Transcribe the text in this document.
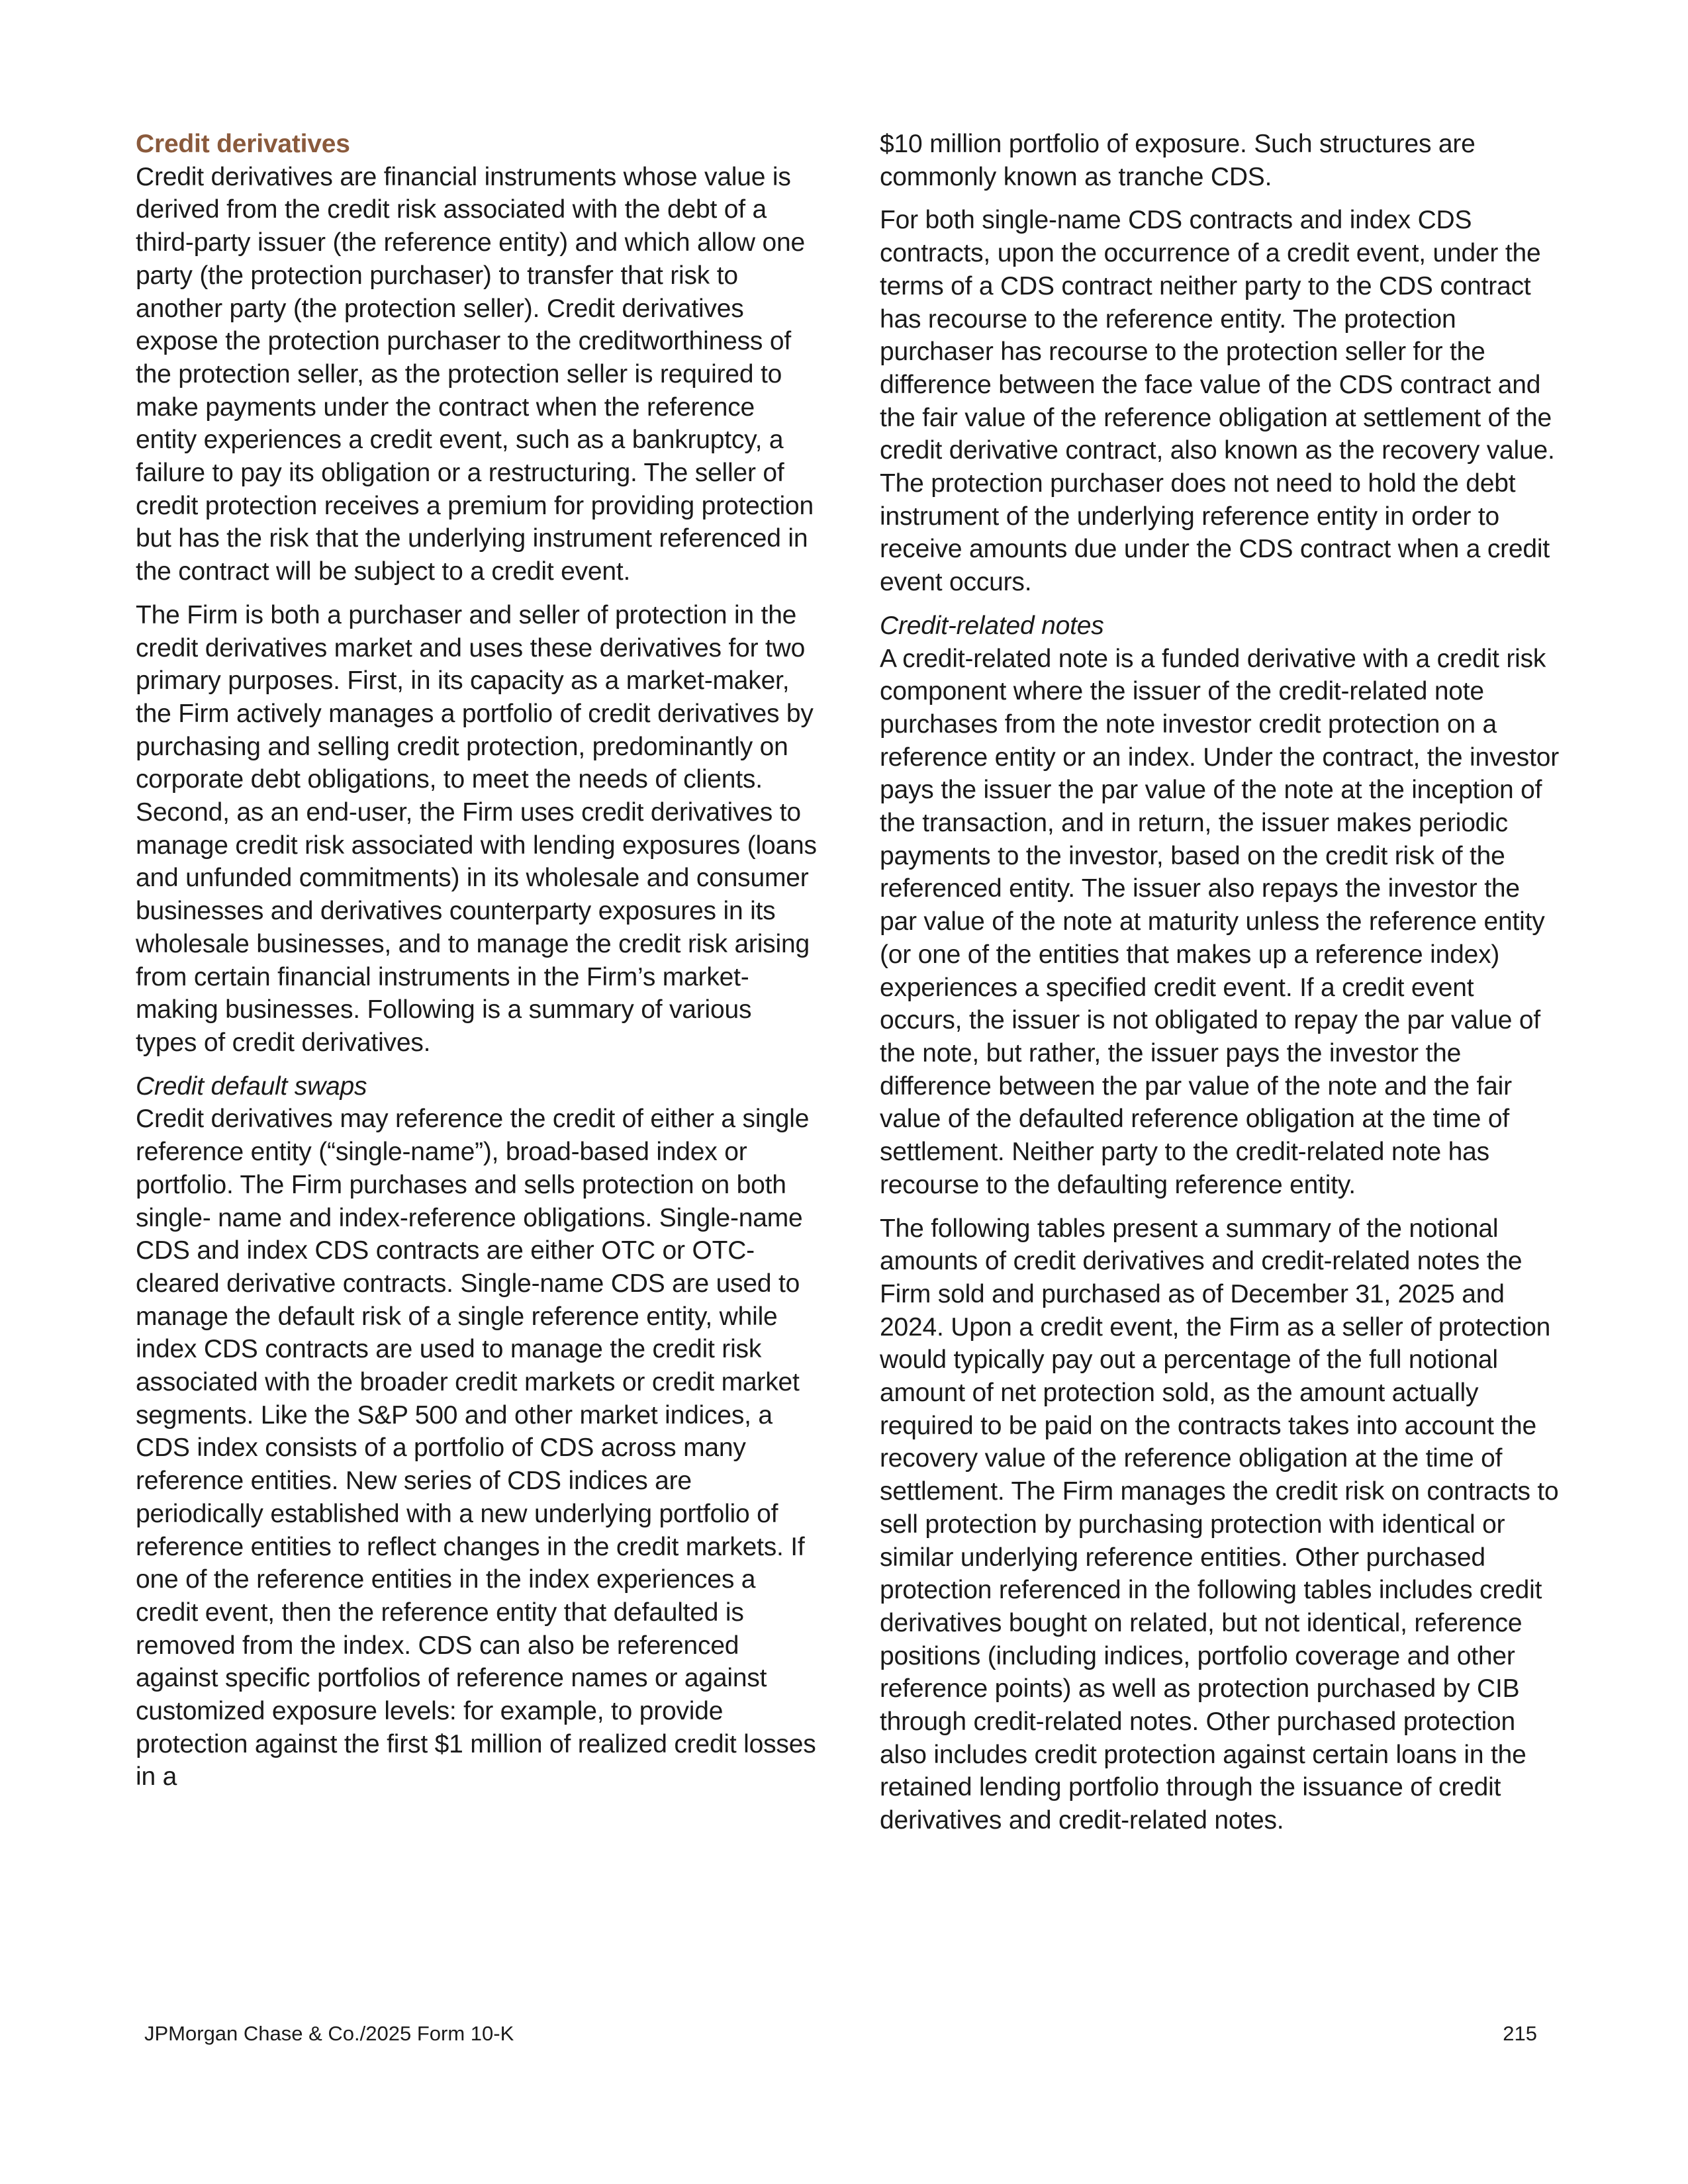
Credit derivatives

Credit derivatives are financial instruments whose value is derived from the credit risk associated with the debt of a third-party issuer (the reference entity) and which allow one party (the protection purchaser) to transfer that risk to another party (the protection seller). Credit derivatives expose the protection purchaser to the creditworthiness of the protection seller, as the protection seller is required to make payments under the contract when the reference entity experiences a credit event, such as a bankruptcy, a failure to pay its obligation or a restructuring. The seller of credit protection receives a premium for providing protection but has the risk that the underlying instrument referenced in the contract will be subject to a credit event.

The Firm is both a purchaser and seller of protection in the credit derivatives market and uses these derivatives for two primary purposes. First, in its capacity as a market-maker, the Firm actively manages a portfolio of credit derivatives by purchasing and selling credit protection, predominantly on corporate debt obligations, to meet the needs of clients. Second, as an end-user, the Firm uses credit derivatives to manage credit risk associated with lending exposures (loans and unfunded commitments) in its wholesale and consumer businesses and derivatives counterparty exposures in its wholesale businesses, and to manage the credit risk arising from certain financial instruments in the Firm’s market-making businesses. Following is a summary of various types of credit derivatives.

Credit default swaps

Credit derivatives may reference the credit of either a single reference entity (“single-name”), broad-based index or portfolio. The Firm purchases and sells protection on both single- name and index-reference obligations. Single-name CDS and index CDS contracts are either OTC or OTC-cleared derivative contracts. Single-name CDS are used to manage the default risk of a single reference entity, while index CDS contracts are used to manage the credit risk associated with the broader credit markets or credit market segments. Like the S&P 500 and other market indices, a CDS index consists of a portfolio of CDS across many reference entities. New series of CDS indices are periodically established with a new underlying portfolio of reference entities to reflect changes in the credit markets. If one of the reference entities in the index experiences a credit event, then the reference entity that defaulted is removed from the index. CDS can also be referenced against specific portfolios of reference names or against customized exposure levels: for example, to provide protection against the first $1 million of realized credit losses in a

$10 million portfolio of exposure. Such structures are commonly known as tranche CDS.

For both single-name CDS contracts and index CDS contracts, upon the occurrence of a credit event, under the terms of a CDS contract neither party to the CDS contract has recourse to the reference entity. The protection purchaser has recourse to the protection seller for the difference between the face value of the CDS contract and the fair value of the reference obligation at settlement of the credit derivative contract, also known as the recovery value. The protection purchaser does not need to hold the debt instrument of the underlying reference entity in order to receive amounts due under the CDS contract when a credit event occurs.

Credit-related notes

A credit-related note is a funded derivative with a credit risk component where the issuer of the credit-related note purchases from the note investor credit protection on a reference entity or an index. Under the contract, the investor pays the issuer the par value of the note at the inception of the transaction, and in return, the issuer makes periodic payments to the investor, based on the credit risk of the referenced entity. The issuer also repays the investor the par value of the note at maturity unless the reference entity (or one of the entities that makes up a reference index) experiences a specified credit event. If a credit event occurs, the issuer is not obligated to repay the par value of the note, but rather, the issuer pays the investor the difference between the par value of the note and the fair value of the defaulted reference obligation at the time of settlement. Neither party to the credit-related note has recourse to the defaulting reference entity.

The following tables present a summary of the notional amounts of credit derivatives and credit-related notes the Firm sold and purchased as of December 31, 2025 and 2024. Upon a credit event, the Firm as a seller of protection would typically pay out a percentage of the full notional amount of net protection sold, as the amount actually required to be paid on the contracts takes into account the recovery value of the reference obligation at the time of settlement. The Firm manages the credit risk on contracts to sell protection by purchasing protection with identical or similar underlying reference entities. Other purchased protection referenced in the following tables includes credit derivatives bought on related, but not identical, reference positions (including indices, portfolio coverage and other reference points) as well as protection purchased by CIB through credit-related notes. Other purchased protection also includes credit protection against certain loans in the retained lending portfolio through the issuance of credit derivatives and credit-related notes.

JPMorgan Chase & Co./2025 Form 10-K	215
